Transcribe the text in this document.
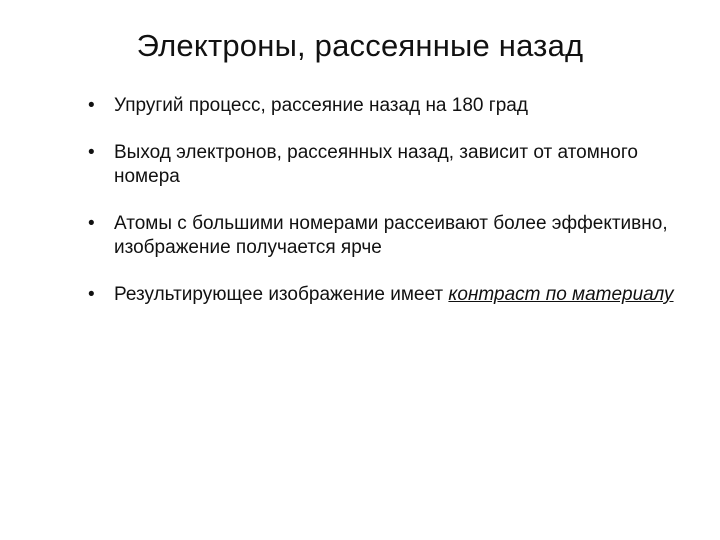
Электроны, рассеянные назад
•	Упругий процесс, рассеяние назад на 180 град
•	Выход электронов, рассеянных назад, зависит от атомного номера
•	Атомы с большими номерами рассеивают более эффективно, изображение получается ярче
•	Результирующее изображение имеет контраст по материалу
